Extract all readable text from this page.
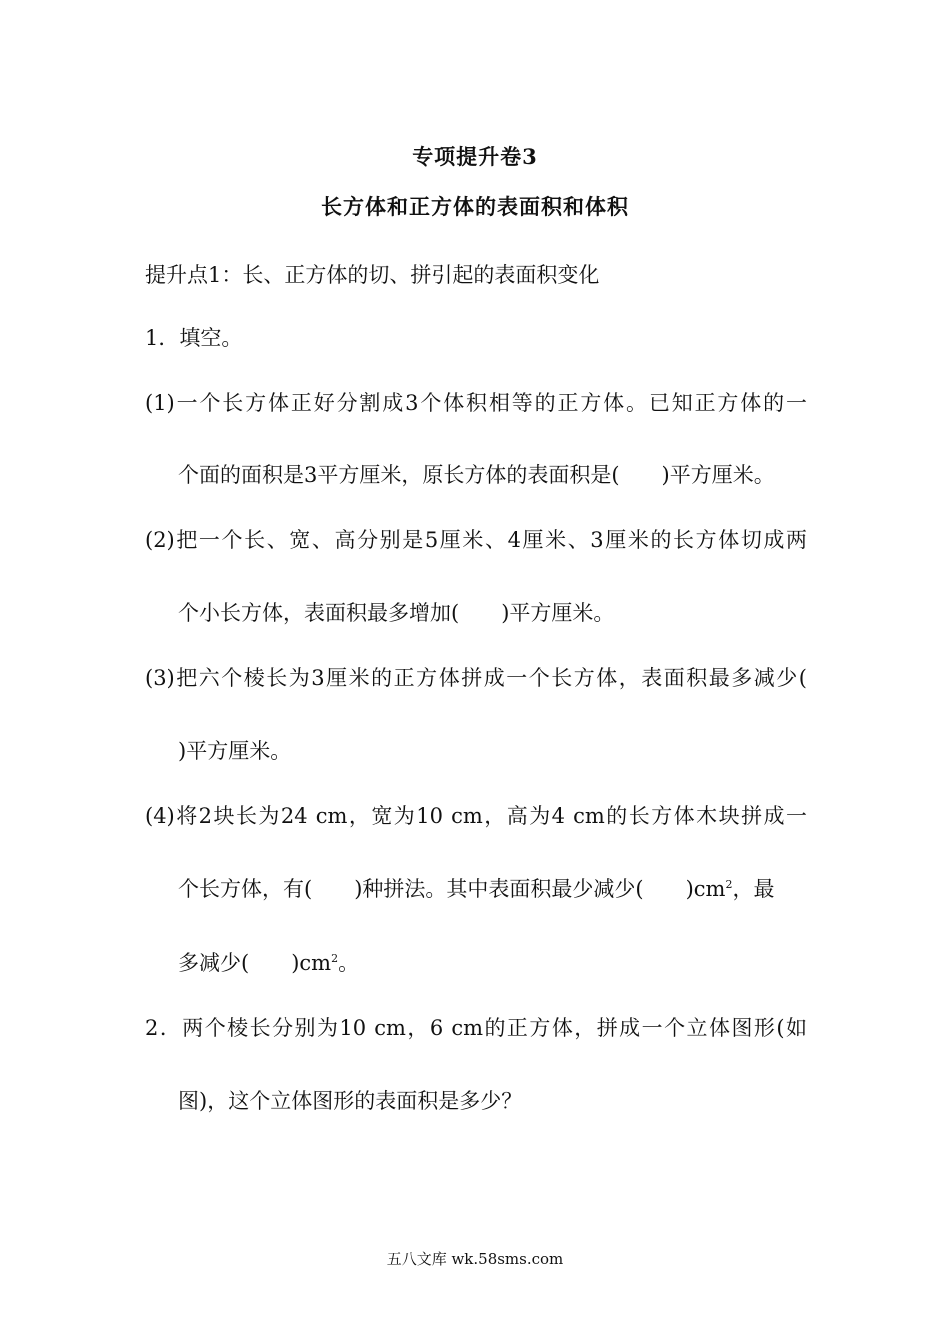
专项提升卷3
长方体和正方体的表面积和体积
提升点1：长、正方体的切、拼引起的表面积变化
1．填空。
(1)一个长方体正好分割成3个体积相等的正方体。已知正方体的一
个面的面积是3平方厘米，原长方体的表面积是(　　)平方厘米。
(2)把一个长、宽、高分别是5厘米、4厘米、3厘米的长方体切成两
个小长方体，表面积最多增加(　　)平方厘米。
(3)把六个棱长为3厘米的正方体拼成一个长方体，表面积最多减少(
)平方厘米。
(4)将2块长为24 cm，宽为10 cm，高为4 cm的长方体木块拼成一
个长方体，有(　　)种拼法。其中表面积最少减少(　　)$cm^2$，最
多减少(　　)$cm^2$。
2．两个棱长分别为10 cm，6 cm的正方体，拼成一个立体图形(如
图)，这个立体图形的表面积是多少？
五八文库 wk.58sms.com
